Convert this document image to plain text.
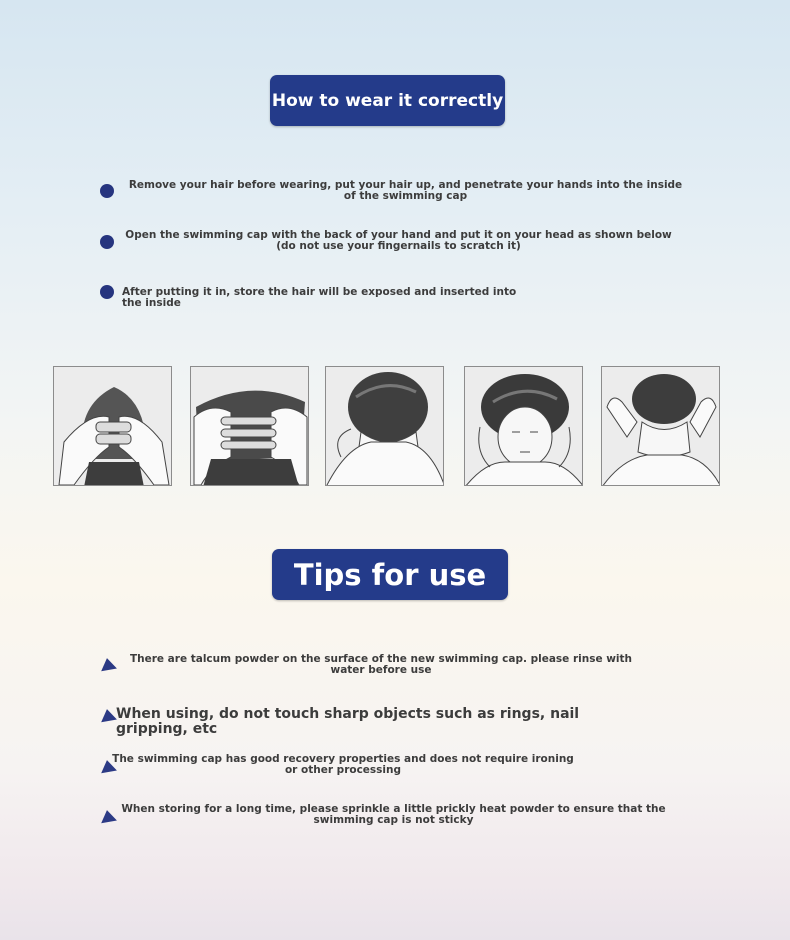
How to wear it correctly
Remove your hair before wearing, put your hair up, and penetrate your hands into the inside of the swimming cap
Open the swimming cap with the back of your hand and put it on your head as shown below (do not use your fingernails to scratch it)
After putting it in, store the hair will be exposed and inserted into the inside
Tips for use
There are talcum powder on the surface of the new swimming cap. please rinse with water before use
When using, do not touch sharp objects such as rings, nail gripping, etc
The swimming cap has good recovery properties and does not require ironing or other processing
When storing for a long time, please sprinkle a little prickly heat powder to ensure that the swimming cap is not sticky
